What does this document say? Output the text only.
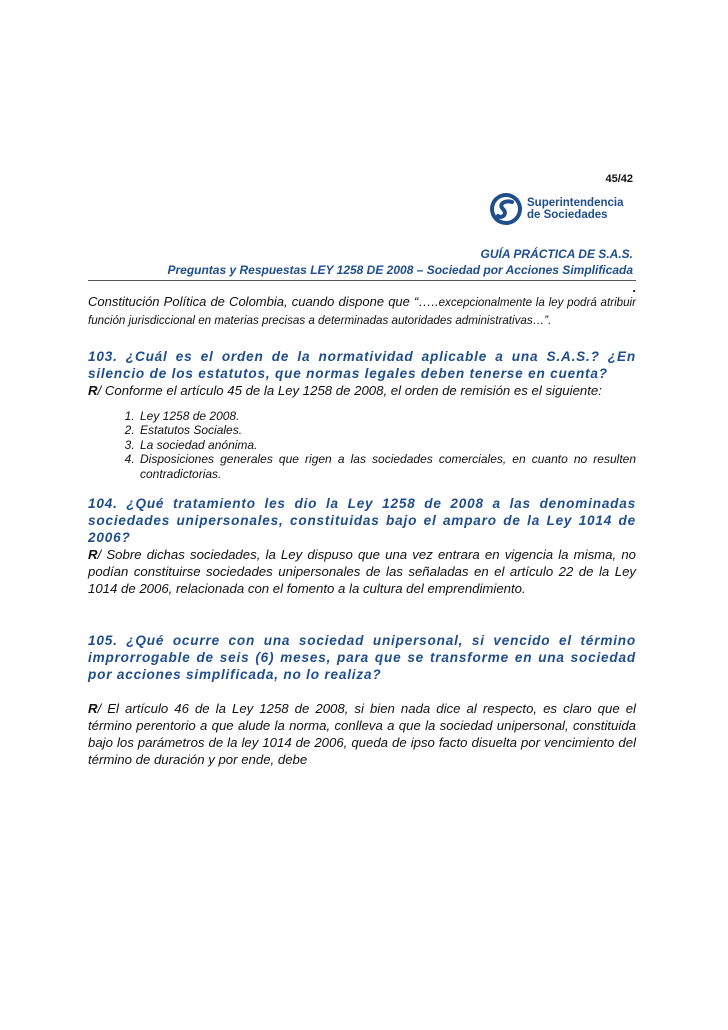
45/42
Superintendencia
de Sociedades
GUÍA PRÁCTICA DE S.A.S.
Preguntas y Respuestas LEY 1258 DE 2008 – Sociedad por Acciones Simplificada
.

Constitución Política de Colombia, cuando dispone que “…..excepcionalmente la ley podrá atribuir función jurisdiccional en materias precisas a determinadas autoridades administrativas…”.

103. ¿Cuál es el orden de la normatividad aplicable a una S.A.S.? ¿En silencio de los estatutos, que normas legales deben tenerse en cuenta?

R/ Conforme el artículo 45 de la Ley 1258 de 2008, el orden de remisión es el siguiente:

1. Ley 1258 de 2008.
2. Estatutos Sociales.
3. La sociedad anónima.
4. Disposiciones generales que rigen a las sociedades comerciales, en cuanto no resulten contradictorias.

104. ¿Qué tratamiento les dio la Ley 1258 de 2008 a las denominadas sociedades unipersonales, constituidas bajo el amparo de la Ley 1014 de 2006?

R/ Sobre dichas sociedades, la Ley dispuso que una vez entrara en vigencia la misma, no podían constituirse sociedades unipersonales de las señaladas en el artículo 22 de la Ley 1014 de 2006, relacionada con el fomento a la cultura del emprendimiento.

105. ¿Qué ocurre con una sociedad unipersonal, si vencido el término improrrogable de seis (6) meses, para que se transforme en una sociedad por acciones simplificada, no lo realiza?

R/ El artículo 46 de la Ley 1258 de 2008, si bien nada dice al respecto, es claro que el término perentorio a que alude la norma, conlleva a que la sociedad unipersonal, constituida bajo los parámetros de la ley 1014 de 2006, queda de ipso facto disuelta por vencimiento del término de duración y por ende, debe
